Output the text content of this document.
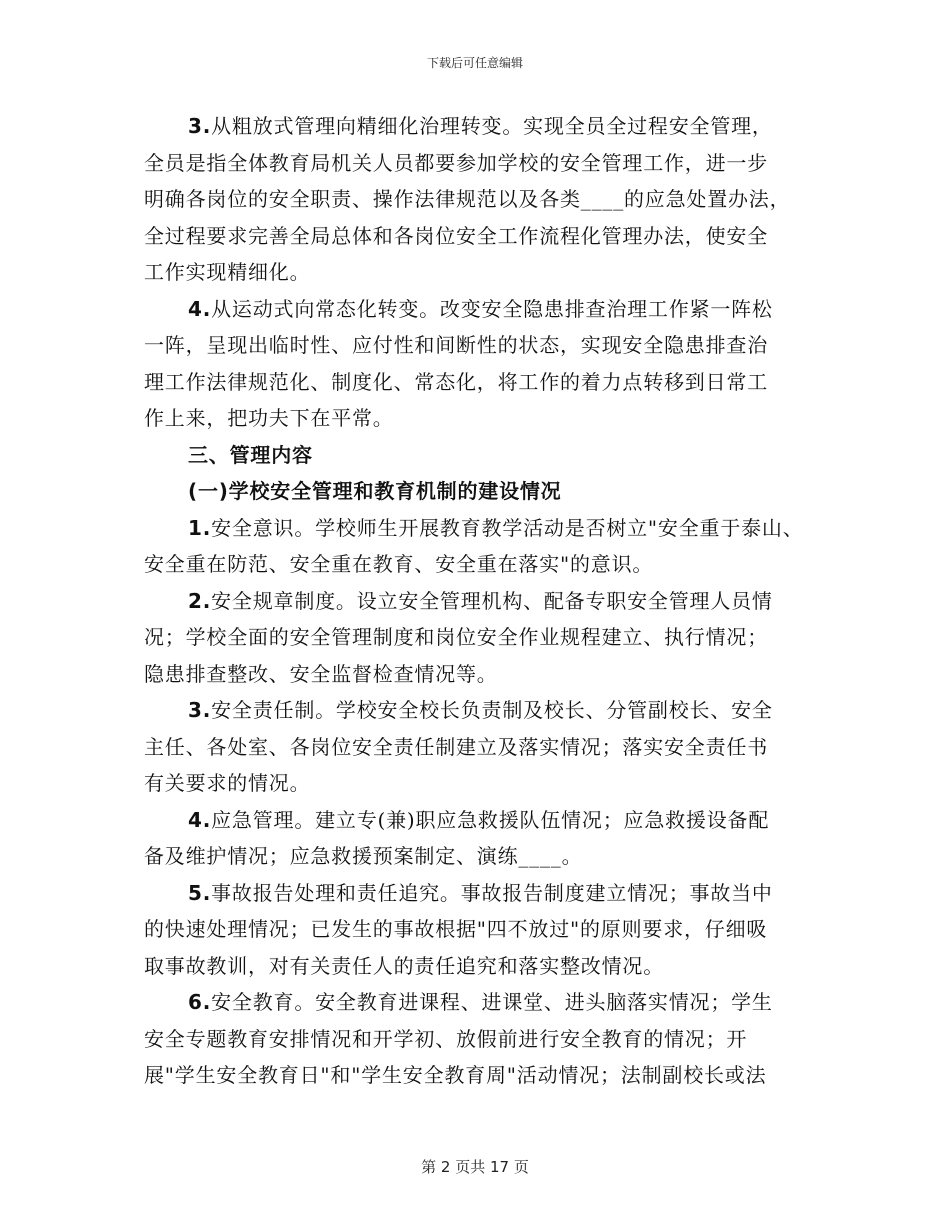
下载后可任意编辑
3.从粗放式管理向精细化治理转变。实现全员全过程安全管理，
全员是指全体教育局机关人员都要参加学校的安全管理工作，进一步
明确各岗位的安全职责、操作法律规范以及各类____的应急处置办法，
全过程要求完善全局总体和各岗位安全工作流程化管理办法，使安全
工作实现精细化。
4.从运动式向常态化转变。改变安全隐患排查治理工作紧一阵松
一阵，呈现出临时性、应付性和间断性的状态，实现安全隐患排查治
理工作法律规范化、制度化、常态化，将工作的着力点转移到日常工
作上来，把功夫下在平常。
三、管理内容
(一)学校安全管理和教育机制的建设情况
1.安全意识。学校师生开展教育教学活动是否树立"安全重于泰山、
安全重在防范、安全重在教育、安全重在落实"的意识。
2.安全规章制度。设立安全管理机构、配备专职安全管理人员情
况；学校全面的安全管理制度和岗位安全作业规程建立、执行情况；
隐患排查整改、安全监督检查情况等。
3.安全责任制。学校安全校长负责制及校长、分管副校长、安全
主任、各处室、各岗位安全责任制建立及落实情况；落实安全责任书
有关要求的情况。
4.应急管理。建立专(兼)职应急救援队伍情况；应急救援设备配
备及维护情况；应急救援预案制定、演练____。
5.事故报告处理和责任追究。事故报告制度建立情况；事故当中
的快速处理情况；已发生的事故根据"四不放过"的原则要求，仔细吸
取事故教训，对有关责任人的责任追究和落实整改情况。
6.安全教育。安全教育进课程、进课堂、进头脑落实情况；学生
安全专题教育安排情况和开学初、放假前进行安全教育的情况；开
展"学生安全教育日"和"学生安全教育周"活动情况；法制副校长或法
第 2 页共 17 页
